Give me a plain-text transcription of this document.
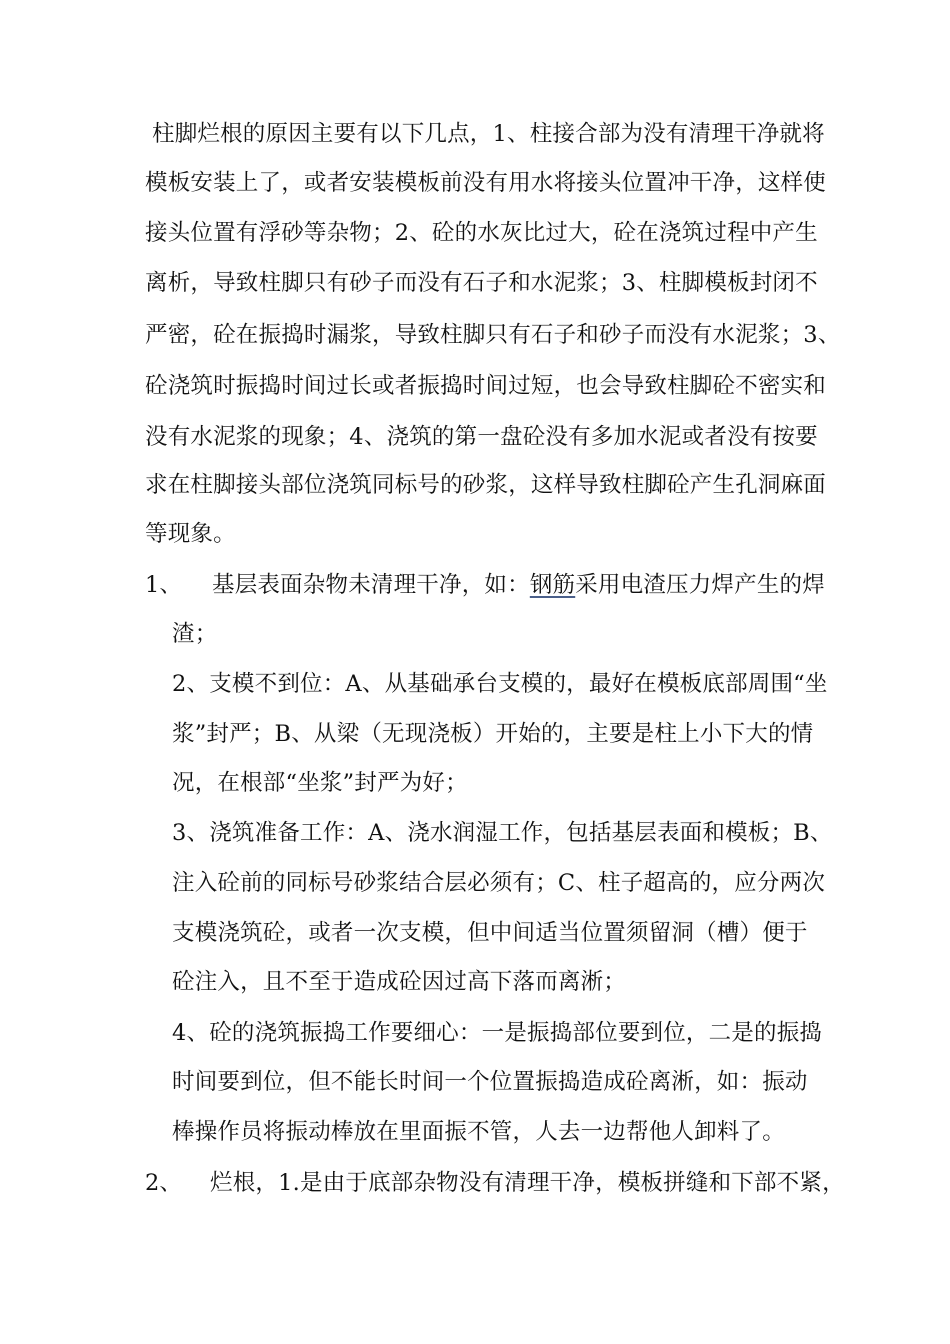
柱脚烂根的原因主要有以下几点，1、柱接合部为没有清理干净就将
模板安装上了，或者安装模板前没有用水将接头位置冲干净，这样使
接头位置有浮砂等杂物；2、砼的水灰比过大，砼在浇筑过程中产生
离析，导致柱脚只有砂子而没有石子和水泥浆；3、柱脚模板封闭不
严密，砼在振捣时漏浆，导致柱脚只有石子和砂子而没有水泥浆；3、
砼浇筑时振捣时间过长或者振捣时间过短，也会导致柱脚砼不密实和
没有水泥浆的现象；4、浇筑的第一盘砼没有多加水泥或者没有按要
求在柱脚接头部位浇筑同标号的砂浆，这样导致柱脚砼产生孔洞麻面
等现象。
1、 基层表面杂物未清理干净，如：钢筋采用电渣压力焊产生的焊
渣；
2、支模不到位：A、从基础承台支模的，最好在模板底部周围“坐
浆”封严；B、从梁（无现浇板）开始的，主要是柱上小下大的情
况，在根部“坐浆”封严为好；
3、浇筑准备工作：A、浇水润湿工作，包括基层表面和模板；B、
注入砼前的同标号砂浆结合层必须有；C、柱子超高的，应分两次
支模浇筑砼，或者一次支模，但中间适当位置须留洞（槽）便于
砼注入，且不至于造成砼因过高下落而离淅；
4、砼的浇筑振捣工作要细心：一是振捣部位要到位，二是的振捣
时间要到位，但不能长时间一个位置振捣造成砼离淅，如：振动
棒操作员将振动棒放在里面振不管，人去一边帮他人卸料了。
2、 烂根，1.是由于底部杂物没有清理干净，模板拼缝和下部不紧，
